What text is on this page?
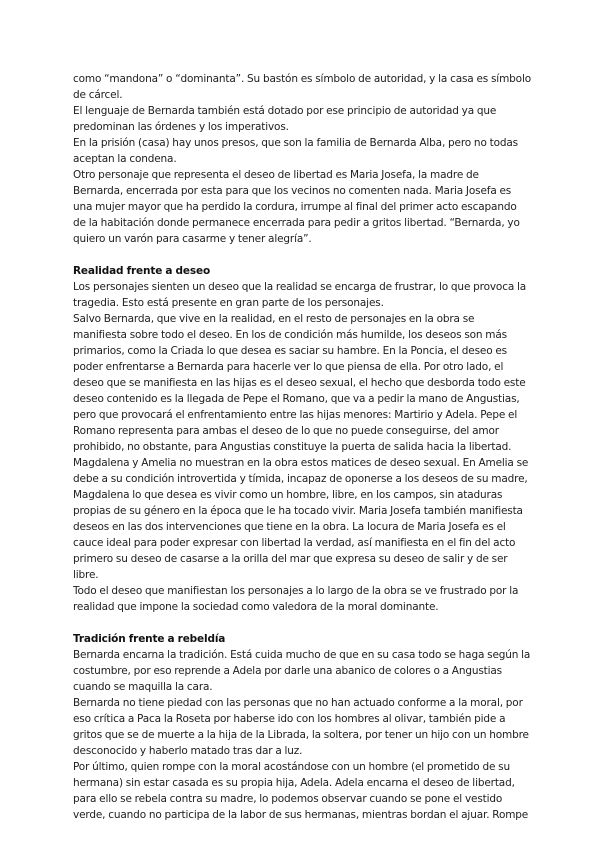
como “mandona” o “dominanta”. Su bastón es símbolo de autoridad, y la casa es símbolo de cárcel.

El lenguaje de Bernarda también está dotado por ese principio de autoridad ya que predominan las órdenes y los imperativos.

En la prisión (casa) hay unos presos, que son la familia de Bernarda Alba, pero no todas aceptan la condena.

Otro personaje que representa el deseo de libertad es Maria Josefa, la madre de Bernarda, encerrada por esta para que los vecinos no comenten nada. Maria Josefa es una mujer mayor que ha perdido la cordura, irrumpe al final del primer acto escapando de la habitación donde permanece encerrada para pedir a gritos libertad. “Bernarda, yo quiero un varón para casarme y tener alegría”.

Realidad frente a deseo

Los personajes sienten un deseo que la realidad se encarga de frustrar, lo que provoca la tragedia. Esto está presente en gran parte de los personajes.

Salvo Bernarda, que vive en la realidad, en el resto de personajes en la obra se manifiesta sobre todo el deseo. En los de condición más humilde, los deseos son más primarios, como la Criada lo que desea es saciar su hambre. En la Poncia, el deseo es poder enfrentarse a Bernarda para hacerle ver lo que piensa de ella. Por otro lado, el deseo que se manifiesta en las hijas es el deseo sexual, el hecho que desborda todo este deseo contenido es la llegada de Pepe el Romano, que va a pedir la mano de Angustias, pero que provocará el enfrentamiento entre las hijas menores: Martirio y Adela. Pepe el Romano representa para ambas el deseo de lo que no puede conseguirse, del amor prohibido, no obstante, para Angustias constituye la puerta de salida hacia la libertad. Magdalena y Amelia no muestran en la obra estos matices de deseo sexual. En Amelia se debe a su condición introvertida y tímida, incapaz de oponerse a los deseos de su madre, Magdalena lo que desea es vivir como un hombre, libre, en los campos, sin ataduras propias de su género en la época que le ha tocado vivir. Maria Josefa también manifiesta deseos en las dos intervenciones que tiene en la obra. La locura de Maria Josefa es el cauce ideal para poder expresar con libertad la verdad, así manifiesta en el fin del acto primero su deseo de casarse a la orilla del mar que expresa su deseo de salir y de ser libre.

Todo el deseo que manifiestan los personajes a lo largo de la obra se ve frustrado por la realidad que impone la sociedad como valedora de la moral dominante.

Tradición frente a rebeldía

Bernarda encarna la tradición. Está cuida mucho de que en su casa todo se haga según la costumbre, por eso reprende a Adela por darle una abanico de colores o a Angustias cuando se maquilla la cara.

Bernarda no tiene piedad con las personas que no han actuado conforme a la moral, por eso crítica a Paca la Roseta por haberse ido con los hombres al olivar, también pide a gritos que se de muerte a la hija de la Librada, la soltera, por tener un hijo con un hombre desconocido y haberlo matado tras dar a luz.

Por último, quien rompe con la moral acostándose con un hombre (el prometido de su hermana) sin estar casada es su propia hija, Adela. Adela encarna el deseo de libertad, para ello se rebela contra su madre, lo podemos observar cuando se pone el vestido verde, cuando no participa de la labor de sus hermanas, mientras bordan el ajuar. Rompe
